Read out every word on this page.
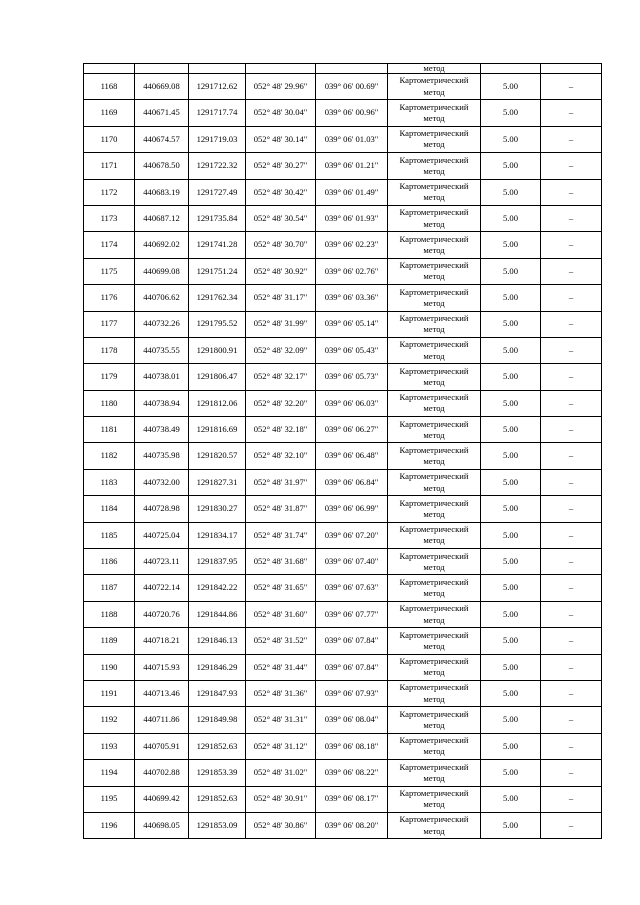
					метод		
1168	440669.08	1291712.62	052° 48' 29.96"	039° 06' 00.69"	Картометрический метод	5.00	–
1169	440671.45	1291717.74	052° 48' 30.04"	039° 06' 00.96"	Картометрический метод	5.00	–
1170	440674.57	1291719.03	052° 48' 30.14"	039° 06' 01.03"	Картометрический метод	5.00	–
1171	440678.50	1291722.32	052° 48' 30.27"	039° 06' 01.21"	Картометрический метод	5.00	–
1172	440683.19	1291727.49	052° 48' 30.42"	039° 06' 01.49"	Картометрический метод	5.00	–
1173	440687.12	1291735.84	052° 48' 30.54"	039° 06' 01.93"	Картометрический метод	5.00	–
1174	440692.02	1291741.28	052° 48' 30.70"	039° 06' 02.23"	Картометрический метод	5.00	–
1175	440699.08	1291751.24	052° 48' 30.92"	039° 06' 02.76"	Картометрический метод	5.00	–
1176	440706.62	1291762.34	052° 48' 31.17"	039° 06' 03.36"	Картометрический метод	5.00	–
1177	440732.26	1291795.52	052° 48' 31.99"	039° 06' 05.14"	Картометрический метод	5.00	–
1178	440735.55	1291800.91	052° 48' 32.09"	039° 06' 05.43"	Картометрический метод	5.00	–
1179	440738.01	1291806.47	052° 48' 32.17"	039° 06' 05.73"	Картометрический метод	5.00	–
1180	440738.94	1291812.06	052° 48' 32.20"	039° 06' 06.03"	Картометрический метод	5.00	–
1181	440738.49	1291816.69	052° 48' 32.18"	039° 06' 06.27"	Картометрический метод	5.00	–
1182	440735.98	1291820.57	052° 48' 32.10"	039° 06' 06.48"	Картометрический метод	5.00	–
1183	440732.00	1291827.31	052° 48' 31.97"	039° 06' 06.84"	Картометрический метод	5.00	–
1184	440728.98	1291830.27	052° 48' 31.87"	039° 06' 06.99"	Картометрический метод	5.00	–
1185	440725.04	1291834.17	052° 48' 31.74"	039° 06' 07.20"	Картометрический метод	5.00	–
1186	440723.11	1291837.95	052° 48' 31.68"	039° 06' 07.40"	Картометрический метод	5.00	–
1187	440722.14	1291842.22	052° 48' 31.65"	039° 06' 07.63"	Картометрический метод	5.00	–
1188	440720.76	1291844.86	052° 48' 31.60"	039° 06' 07.77"	Картометрический метод	5.00	–
1189	440718.21	1291846.13	052° 48' 31.52"	039° 06' 07.84"	Картометрический метод	5.00	–
1190	440715.93	1291846.29	052° 48' 31.44"	039° 06' 07.84"	Картометрический метод	5.00	–
1191	440713.46	1291847.93	052° 48' 31.36"	039° 06' 07.93"	Картометрический метод	5.00	–
1192	440711.86	1291849.98	052° 48' 31.31"	039° 06' 08.04"	Картометрический метод	5.00	–
1193	440705.91	1291852.63	052° 48' 31.12"	039° 06' 08.18"	Картометрический метод	5.00	–
1194	440702.88	1291853.39	052° 48' 31.02"	039° 06' 08.22"	Картометрический метод	5.00	–
1195	440699.42	1291852.63	052° 48' 30.91"	039° 06' 08.17"	Картометрический метод	5.00	–
1196	440698.05	1291853.09	052° 48' 30.86"	039° 06' 08.20"	Картометрический метод	5.00	–
